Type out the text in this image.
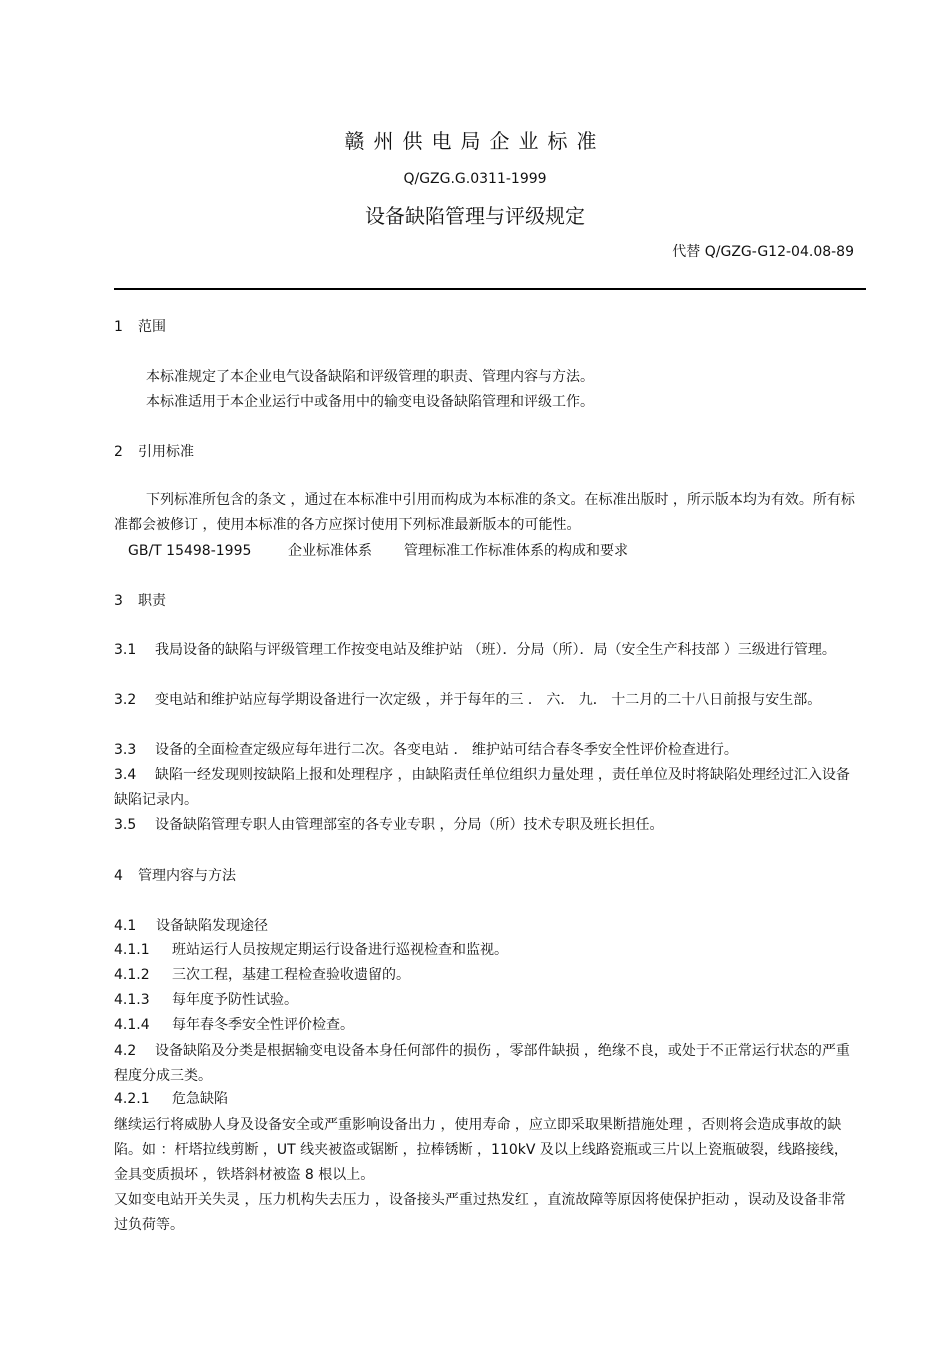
赣州供电局企业标准
Q/GZG.G.0311-1999
设备缺陷管理与评级规定
代替 Q/GZG-G12-04.08-89
1 范围
本标准规定了本企业电气设备缺陷和评级管理的职责、管理内容与方法。
本标准适用于本企业运行中或备用中的输变电设备缺陷管理和评级工作。
2 引用标准
下列标准所包含的条文 ，通过在本标准中引用而构成为本标准的条文。在标准出版时 ，所示版本均为有效。所有标准都会被修订 ，使用本标准的各方应探讨使用下列标准最新版本的可能性。
GB/T 15498-1995	企业标准体系 管理标准工作标准体系的构成和要求
3 职责
3.1 我局设备的缺陷与评级管理工作按变电站及维护站 （班）．分局（所）．局（安全生产科技部 ）三级进行管理。
3.2 变电站和维护站应每学期设备进行一次定级 ，并于每年的三 ． 六． 九． 十二月的二十八日前报与安生部。
3.3 设备的全面检查定级应每年进行二次。各变电站 ． 维护站可结合春冬季安全性评价检查进行。
3.4 缺陷一经发现则按缺陷上报和处理程序 ，由缺陷责任单位组织力量处理 ，责任单位及时将缺陷处理经过汇入设备缺陷记录内。
3.5 设备缺陷管理专职人由管理部室的各专业专职 ，分局（所）技术专职及班长担任。
4 管理内容与方法
4.1 设备缺陷发现途径
4.1.1 班站运行人员按规定期运行设备进行巡视检查和监视。
4.1.2 三次工程，基建工程检查验收遗留的。
4.1.3 每年度予防性试验。
4.1.4 每年春冬季安全性评价检查。
4.2 设备缺陷及分类是根据输变电设备本身任何部件的损伤 ，零部件缺损 ，绝缘不良，或处于不正常运行状态的严重程度分成三类。
4.2.1 危急缺陷
继续运行将威胁人身及设备安全或严重影响设备出力 ，使用寿命 ，应立即采取果断措施处理 ，否则将会造成事故的缺陷。如 ：杆塔拉线剪断 ，UT 线夹被盗或锯断 ，拉棒锈断 ，110kV 及以上线路瓷瓶或三片以上瓷瓶破裂，线路接线，金具变质损坏 ，铁塔斜材被盗 8 根以上。
又如变电站开关失灵 ，压力机构失去压力 ，设备接头严重过热发红 ，直流故障等原因将使保护拒动 ，误动及设备非常过负荷等。
